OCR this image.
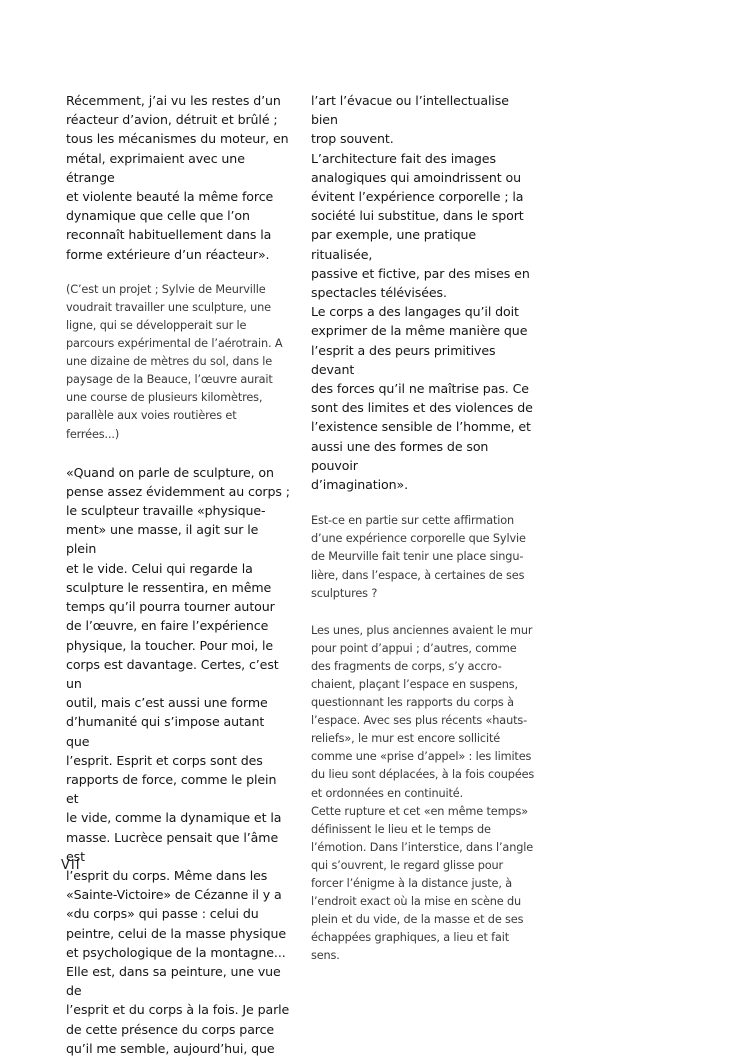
Récemment, j’ai vu les restes d’un
réacteur d’avion, détruit et brûlé ;
tous les mécanismes du moteur, en
métal, exprimaient avec une étrange
et violente beauté la même force
dynamique que celle que l’on
reconnaît habituellement dans la
forme extérieure d’un réacteur».

(C’est un projet ; Sylvie de Meurville
voudrait travailler une sculpture, une
ligne, qui se développerait sur le
parcours expérimental de l’aérotrain. A
une dizaine de mètres du sol, dans le
paysage de la Beauce, l’œuvre aurait
une course de plusieurs kilomètres,
parallèle aux voies routières et ferrées...)

«Quand on parle de sculpture, on
pense assez évidemment au corps ;
le sculpteur travaille «physique-
ment» une masse, il agit sur le plein
et le vide. Celui qui regarde la
sculpture le ressentira, en même
temps qu’il pourra tourner autour
de l’œuvre, en faire l’expérience
physique, la toucher. Pour moi, le
corps est davantage. Certes, c’est un
outil, mais c’est aussi une forme
d’humanité qui s’impose autant que
l’esprit. Esprit et corps sont des
rapports de force, comme le plein et
le vide, comme la dynamique et la
masse. Lucrèce pensait que l’âme est
l’esprit du corps. Même dans les
«Sainte-Victoire» de Cézanne il y a
«du corps» qui passe : celui du
peintre, celui de la masse physique
et psychologique de la montagne...
Elle est, dans sa peinture, une vue de
l’esprit et du corps à la fois. Je parle
de cette présence du corps parce
qu’il me semble, aujourd’hui, que

l’art l’évacue ou l’intellectualise bien
trop souvent.
L’architecture fait des images
analogiques qui amoindrissent ou
évitent l’expérience corporelle ; la
société lui substitue, dans le sport
par exemple, une pratique ritualisée,
passive et fictive, par des mises en
spectacles télévisées.
Le corps a des langages qu’il doit
exprimer de la même manière que
l’esprit a des peurs primitives devant
des forces qu’il ne maîtrise pas. Ce
sont des limites et des violences de
l’existence sensible de l’homme, et
aussi une des formes de son pouvoir
d’imagination».

Est-ce en partie sur cette affirmation
d’une expérience corporelle que Sylvie
de Meurville fait tenir une place singu-
lière, dans l’espace, à certaines de ses
sculptures ?

Les unes, plus anciennes avaient le mur
pour point d’appui ; d’autres, comme
des fragments de corps, s’y accro-
chaient, plaçant l’espace en suspens,
questionnant les rapports du corps à
l’espace. Avec ses plus récents «hauts-
reliefs», le mur est encore sollicité
comme une «prise d’appel» : les limites
du lieu sont déplacées, à la fois coupées
et ordonnées en continuité.
Cette rupture et cet «en même temps»
définissent le lieu et le temps de
l’émotion. Dans l’interstice, dans l’angle
qui s’ouvrent, le regard glisse pour
forcer l’énigme à la distance juste, à
l’endroit exact où la mise en scène du
plein et du vide, de la masse et de ses
échappées graphiques, a lieu et fait
sens.

VII
